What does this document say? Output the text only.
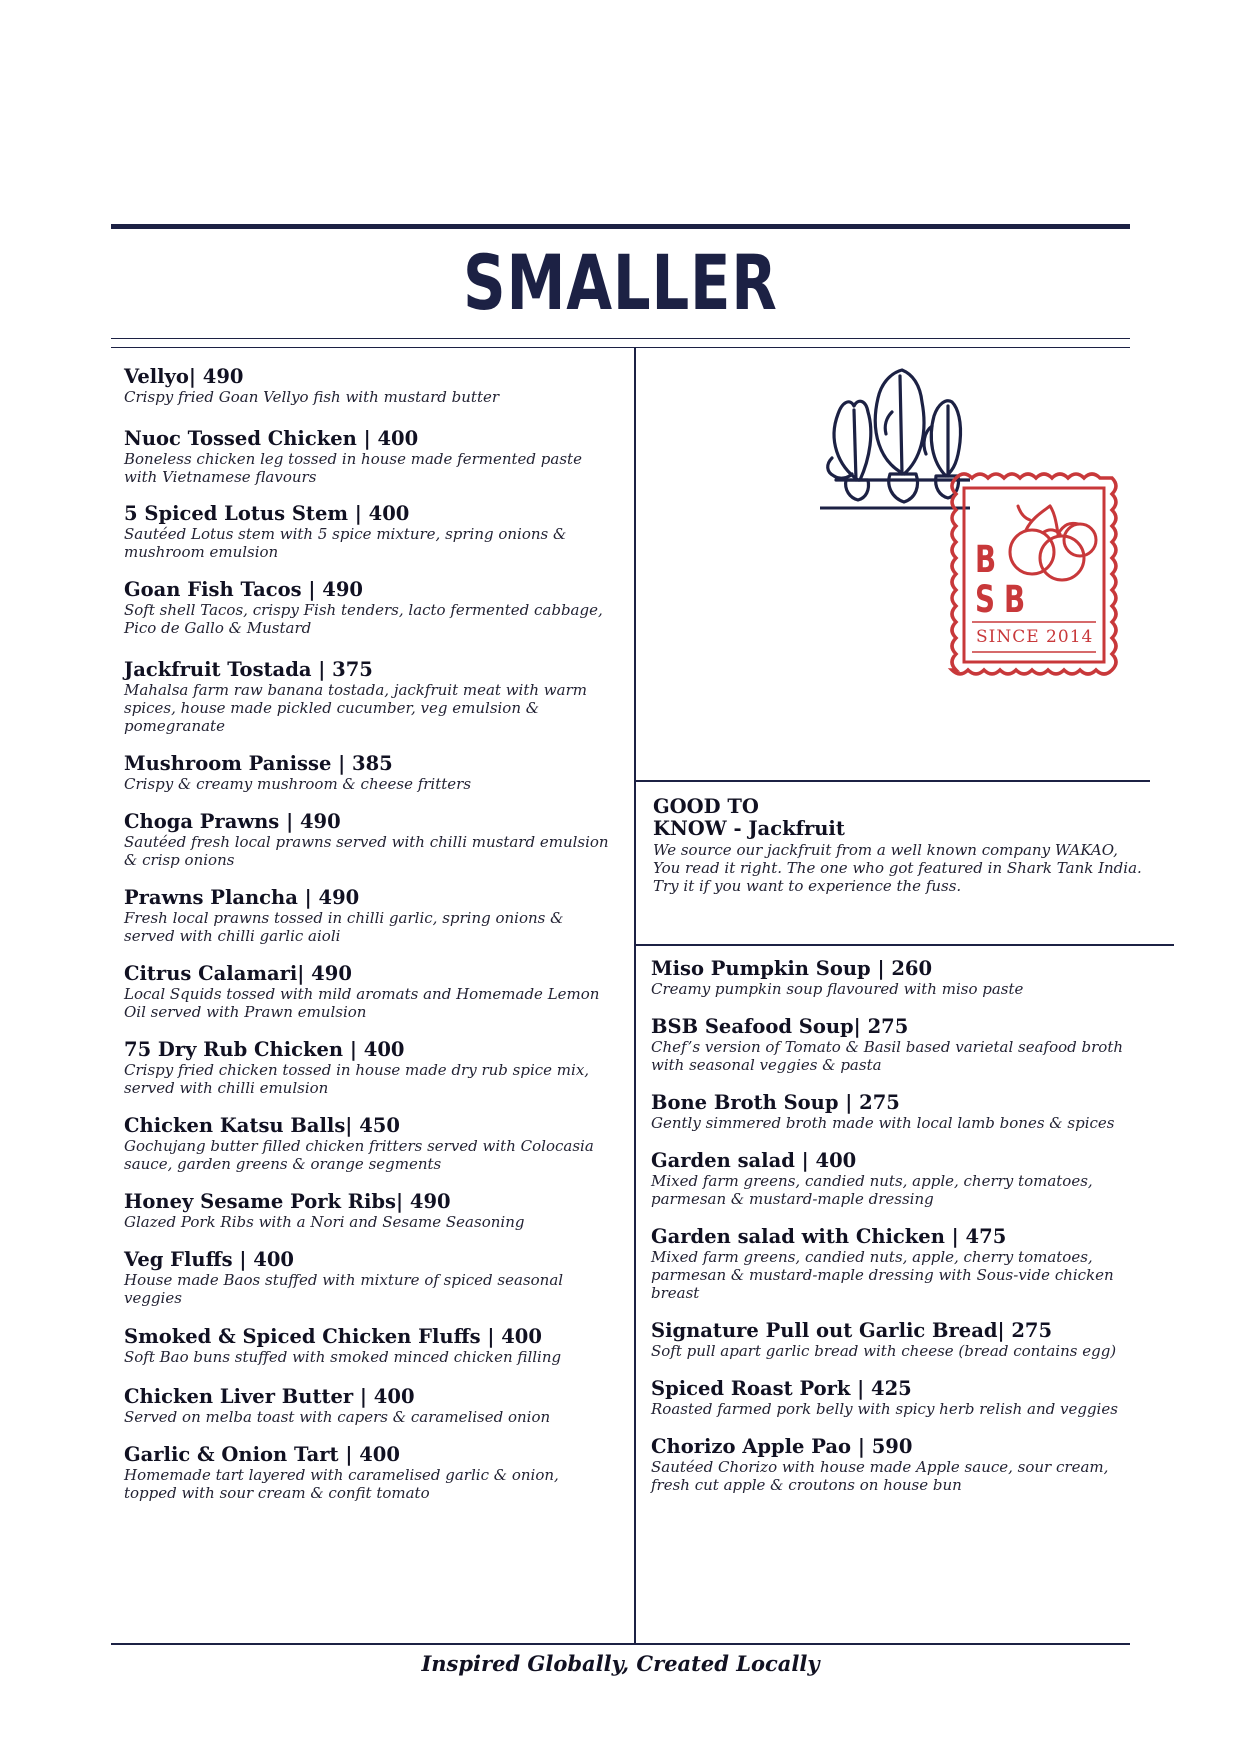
SMALLER
Vellyo| 490
Crispy fried Goan Vellyo fish with mustard butter
Nuoc Tossed Chicken | 400
Boneless chicken leg tossed in house made fermented paste with Vietnamese flavours
5 Spiced Lotus Stem | 400
Sautéed Lotus stem with 5 spice mixture, spring onions & mushroom emulsion
Goan Fish Tacos | 490
Soft shell Tacos, crispy Fish tenders, lacto fermented cabbage, Pico de Gallo & Mustard
Jackfruit Tostada | 375
Mahalsa farm raw banana tostada, jackfruit meat with warm spices, house made pickled cucumber, veg emulsion & pomegranate
Mushroom Panisse | 385
Crispy & creamy mushroom & cheese fritters
Choga Prawns | 490
Sautéed fresh local prawns served with chilli mustard emulsion & crisp onions
Prawns Plancha | 490
Fresh local prawns tossed in chilli garlic, spring onions & served with chilli garlic aioli
Citrus Calamari| 490
Local Squids tossed with mild aromats and Homemade Lemon Oil served with Prawn emulsion
75 Dry Rub Chicken | 400
Crispy fried chicken tossed in house made dry rub spice mix, served with chilli emulsion
Chicken Katsu Balls| 450
Gochujang butter filled chicken fritters served with Colocasia sauce, garden greens & orange segments
Honey Sesame Pork Ribs| 490
Glazed Pork Ribs with a Nori and Sesame Seasoning
Veg Fluffs | 400
House made Baos stuffed with mixture of spiced seasonal veggies
Smoked & Spiced Chicken Fluffs | 400
Soft Bao buns stuffed with smoked minced chicken filling
Chicken Liver Butter | 400
Served on melba toast with capers & caramelised onion
Garlic & Onion Tart | 400
Homemade tart layered with caramelised garlic & onion, topped with sour cream & confit tomato
B
S B
SINCE 2014
GOOD TO
KNOW - Jackfruit
We source our jackfruit from a well known company WAKAO, You read it right. The one who got featured in Shark Tank India. Try it if you want to experience the fuss.
Miso Pumpkin Soup | 260
Creamy pumpkin soup flavoured with miso paste
BSB Seafood Soup| 275
Chef’s version of Tomato & Basil based varietal seafood broth with seasonal veggies & pasta
Bone Broth Soup | 275
Gently simmered broth made with local lamb bones & spices
Garden salad | 400
Mixed farm greens, candied nuts, apple, cherry tomatoes, parmesan & mustard-maple dressing
Garden salad with Chicken | 475
Mixed farm greens, candied nuts, apple, cherry tomatoes, parmesan & mustard-maple dressing with Sous-vide chicken breast
Signature Pull out Garlic Bread| 275
Soft pull apart garlic bread with cheese (bread contains egg)
Spiced Roast Pork | 425
Roasted farmed pork belly with spicy herb relish and veggies
Chorizo Apple Pao | 590
Sautéed Chorizo with house made Apple sauce, sour cream, fresh cut apple & croutons on house bun
Inspired Globally, Created Locally
